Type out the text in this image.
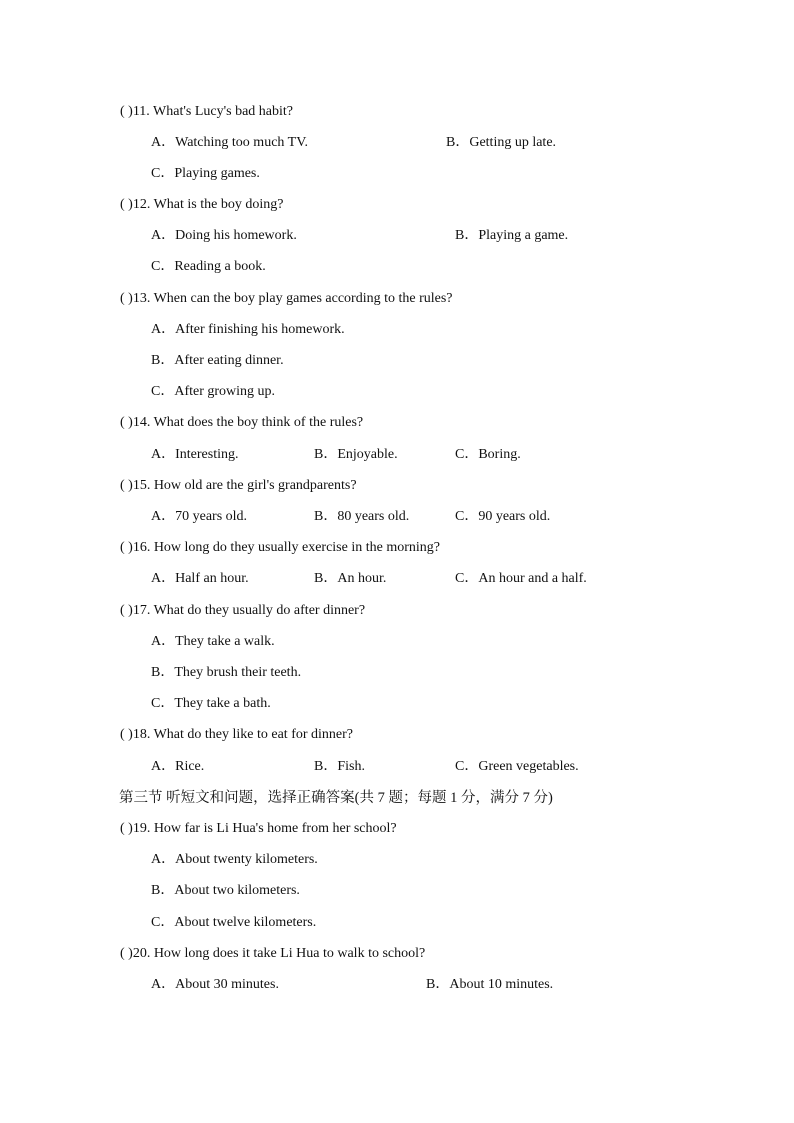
( )11. What's Lucy's bad habit?
A．Watching too much TV.	B．Getting up late.
C．Playing games.
( )12. What is the boy doing?
A．Doing his homework.	B．Playing a game.
C．Reading a book.
( )13. When can the boy play games according to the rules?
A．After finishing his homework.
B．After eating dinner.
C．After growing up.
( )14. What does the boy think of the rules?
A．Interesting.	B．Enjoyable.	C．Boring.
( )15. How old are the girl's grandparents?
A．70 years old.	B．80 years old.	C．90 years old.
( )16. How long do they usually exercise in the morning?
A．Half an hour.	B．An hour.	C．An hour and a half.
( )17. What do they usually do after dinner?
A．They take a walk.
B．They brush their teeth.
C．They take a bath.
( )18. What do they like to eat for dinner?
A．Rice.	B．Fish.	C．Green vegetables.
第三节 听短文和问题，选择正确答案(共 7 题；每题 1 分，满分 7 分)
( )19. How far is Li Hua's home from her school?
A．About twenty kilometers.
B．About two kilometers.
C．About twelve kilometers.
( )20. How long does it take Li Hua to walk to school?
A．About 30 minutes.	B．About 10 minutes.
